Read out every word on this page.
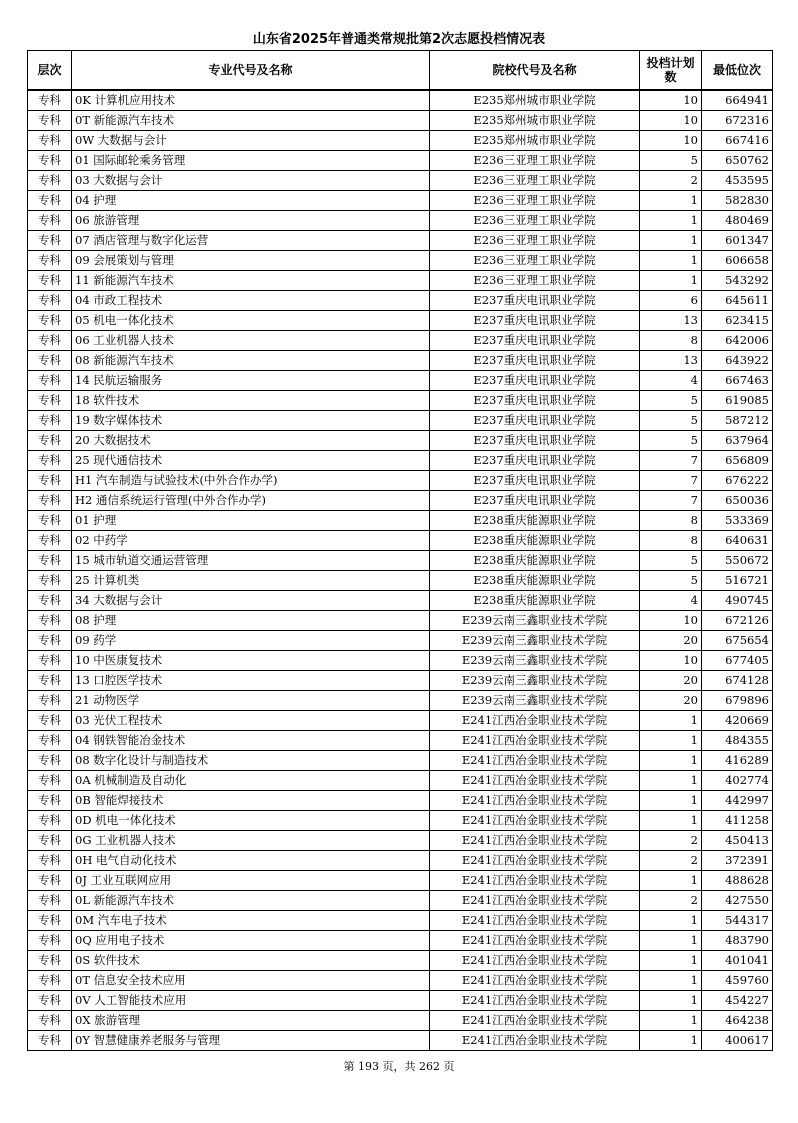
山东省2025年普通类常规批第2次志愿投档情况表
层次	专业代号及名称	院校代号及名称	投档计划数	最低位次
专科	0K 计算机应用技术	E235郑州城市职业学院	10	664941
专科	0T 新能源汽车技术	E235郑州城市职业学院	10	672316
专科	0W 大数据与会计	E235郑州城市职业学院	10	667416
专科	01 国际邮轮乘务管理	E236三亚理工职业学院	5	650762
专科	03 大数据与会计	E236三亚理工职业学院	2	453595
专科	04 护理	E236三亚理工职业学院	1	582830
专科	06 旅游管理	E236三亚理工职业学院	1	480469
专科	07 酒店管理与数字化运营	E236三亚理工职业学院	1	601347
专科	09 会展策划与管理	E236三亚理工职业学院	1	606658
专科	11 新能源汽车技术	E236三亚理工职业学院	1	543292
专科	04 市政工程技术	E237重庆电讯职业学院	6	645611
专科	05 机电一体化技术	E237重庆电讯职业学院	13	623415
专科	06 工业机器人技术	E237重庆电讯职业学院	8	642006
专科	08 新能源汽车技术	E237重庆电讯职业学院	13	643922
专科	14 民航运输服务	E237重庆电讯职业学院	4	667463
专科	18 软件技术	E237重庆电讯职业学院	5	619085
专科	19 数字媒体技术	E237重庆电讯职业学院	5	587212
专科	20 大数据技术	E237重庆电讯职业学院	5	637964
专科	25 现代通信技术	E237重庆电讯职业学院	7	656809
专科	H1 汽车制造与试验技术(中外合作办学)	E237重庆电讯职业学院	7	676222
专科	H2 通信系统运行管理(中外合作办学)	E237重庆电讯职业学院	7	650036
专科	01 护理	E238重庆能源职业学院	8	533369
专科	02 中药学	E238重庆能源职业学院	8	640631
专科	15 城市轨道交通运营管理	E238重庆能源职业学院	5	550672
专科	25 计算机类	E238重庆能源职业学院	5	516721
专科	34 大数据与会计	E238重庆能源职业学院	4	490745
专科	08 护理	E239云南三鑫职业技术学院	10	672126
专科	09 药学	E239云南三鑫职业技术学院	20	675654
专科	10 中医康复技术	E239云南三鑫职业技术学院	10	677405
专科	13 口腔医学技术	E239云南三鑫职业技术学院	20	674128
专科	21 动物医学	E239云南三鑫职业技术学院	20	679896
专科	03 光伏工程技术	E241江西冶金职业技术学院	1	420669
专科	04 钢铁智能冶金技术	E241江西冶金职业技术学院	1	484355
专科	08 数字化设计与制造技术	E241江西冶金职业技术学院	1	416289
专科	0A 机械制造及自动化	E241江西冶金职业技术学院	1	402774
专科	0B 智能焊接技术	E241江西冶金职业技术学院	1	442997
专科	0D 机电一体化技术	E241江西冶金职业技术学院	1	411258
专科	0G 工业机器人技术	E241江西冶金职业技术学院	2	450413
专科	0H 电气自动化技术	E241江西冶金职业技术学院	2	372391
专科	0J 工业互联网应用	E241江西冶金职业技术学院	1	488628
专科	0L 新能源汽车技术	E241江西冶金职业技术学院	2	427550
专科	0M 汽车电子技术	E241江西冶金职业技术学院	1	544317
专科	0Q 应用电子技术	E241江西冶金职业技术学院	1	483790
专科	0S 软件技术	E241江西冶金职业技术学院	1	401041
专科	0T 信息安全技术应用	E241江西冶金职业技术学院	1	459760
专科	0V 人工智能技术应用	E241江西冶金职业技术学院	1	454227
专科	0X 旅游管理	E241江西冶金职业技术学院	1	464238
专科	0Y 智慧健康养老服务与管理	E241江西冶金职业技术学院	1	400617
第 193 页，共 262 页
